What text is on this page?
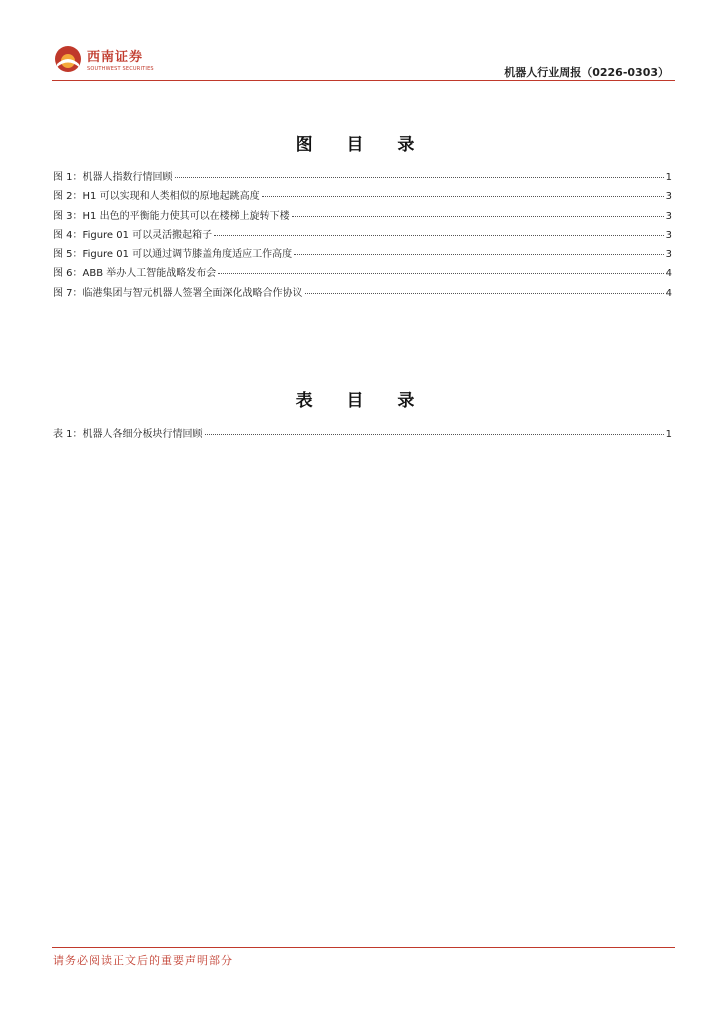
西南证券
SOUTHWEST SECURITIES	机器人行业周报（0226-0303）
图 目 录
图 1：机器人指数行情回顾	1
图 2：H1 可以实现和人类相似的原地起跳高度	3
图 3：H1 出色的平衡能力使其可以在楼梯上旋转下楼	3
图 4：Figure 01 可以灵活搬起箱子	3
图 5：Figure 01 可以通过调节膝盖角度适应工作高度	3
图 6：ABB 举办人工智能战略发布会	4
图 7：临港集团与智元机器人签署全面深化战略合作协议	4
表 目 录
表 1：机器人各细分板块行情回顾	1
请务必阅读正文后的重要声明部分
